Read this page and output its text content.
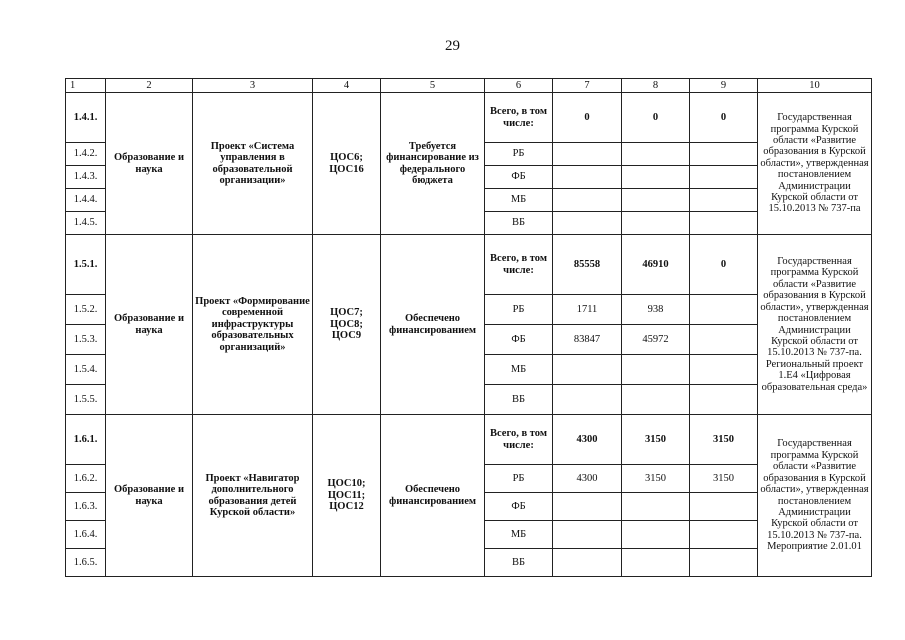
29
1	2	3	4	5	6	7	8	9	10
1.4.1.	Образование и наука	Проект «Система управления в образовательной организации»	ЦОС6; ЦОС16	Требуется финансирование из федерального бюджета	Всего, в том числе:	0	0	0	Государственная программа Курской области «Развитие образования в Курской области», утвержденная постановлением Администрации Курской области от 15.10.2013 № 737-па
1.4.2.					РБ				
1.4.3.					ФБ				
1.4.4.					МБ				
1.4.5.					ВБ				
1.5.1.	Образование и наука	Проект «Формирование современной инфраструктуры образовательных организаций»	ЦОС7; ЦОС8; ЦОС9	Обеспечено финансированием	Всего, в том числе:	85558	46910	0	Государственная программа Курской области «Развитие образования в Курской области», утвержденная постановлением Администрации Курской области от 15.10.2013 № 737-па. Региональный проект 1.Е4 «Цифровая образовательная среда»
1.5.2.					РБ	1711	938		
1.5.3.					ФБ	83847	45972		
1.5.4.					МБ				
1.5.5.					ВБ				
1.6.1.	Образование и наука	Проект «Навигатор дополнительного образования детей Курской области»	ЦОС10; ЦОС11; ЦОС12	Обеспечено финансированием	Всего, в том числе:	4300	3150	3150	Государственная программа Курской области «Развитие образования в Курской области», утвержденная постановлением Администрации Курской области от 15.10.2013 № 737-па. Мероприятие 2.01.01
1.6.2.					РБ	4300	3150	3150	
1.6.3.					ФБ				
1.6.4.					МБ				
1.6.5.					ВБ				
